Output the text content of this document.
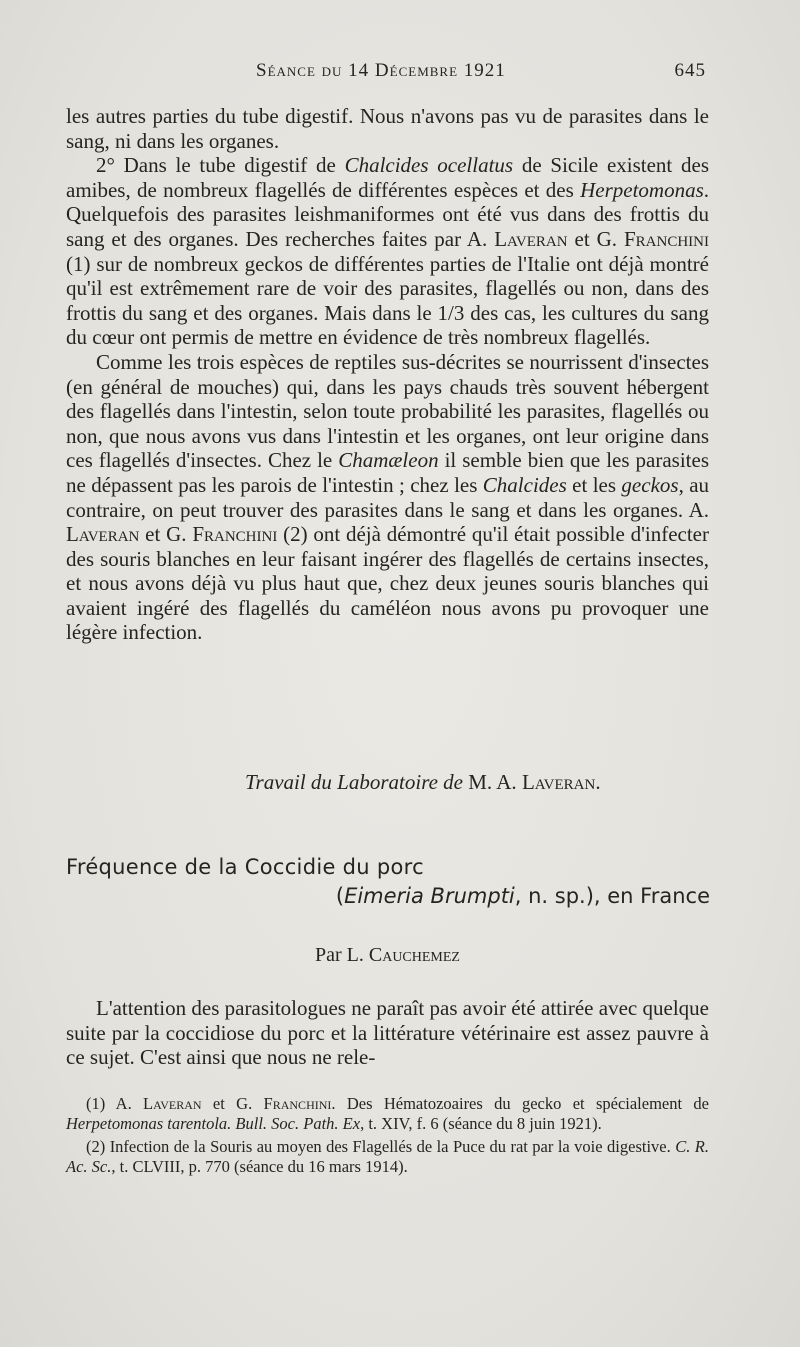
Séance du 14 Décembre 1921	645

les autres parties du tube digestif. Nous n'avons pas vu de parasites dans le sang, ni dans les organes.

2° Dans le tube digestif de Chalcides ocellatus de Sicile existent des amibes, de nombreux flagellés de différentes espèces et des Herpetomonas. Quelquefois des parasites leishmaniformes ont été vus dans des frottis du sang et des organes. Des recherches faites par A. Laveran et G. Franchini (1) sur de nombreux geckos de différentes parties de l'Italie ont déjà montré qu'il est extrêmement rare de voir des parasites, flagellés ou non, dans des frottis du sang et des organes. Mais dans le 1/3 des cas, les cultures du sang du cœur ont permis de mettre en évidence de très nombreux flagellés.

Comme les trois espèces de reptiles sus-décrites se nourrissent d'insectes (en général de mouches) qui, dans les pays chauds très souvent hébergent des flagellés dans l'intestin, selon toute probabilité les parasites, flagellés ou non, que nous avons vus dans l'intestin et les organes, ont leur origine dans ces flagellés d'insectes. Chez le Chamæleon il semble bien que les parasites ne dépassent pas les parois de l'intestin ; chez les Chalcides et les geckos, au contraire, on peut trouver des parasites dans le sang et dans les organes. A. Laveran et G. Franchini (2) ont déjà démontré qu'il était possible d'infecter des souris blanches en leur faisant ingérer des flagellés de certains insectes, et nous avons déjà vu plus haut que, chez deux jeunes souris blanches qui avaient ingéré des flagellés du caméléon nous avons pu provoquer une légère infection.

Travail du Laboratoire de M. A. Laveran.
Fréquence de la Coccidie du porc
(Eimeria Brumpti, n. sp.), en France
Par L. Cauchemez

L'attention des parasitologues ne paraît pas avoir été attirée avec quelque suite par la coccidiose du porc et la littérature vétérinaire est assez pauvre à ce sujet. C'est ainsi que nous ne rele-

(1) A. Laveran et G. Franchini. Des Hématozoaires du gecko et spécialement de Herpetomonas tarentola. Bull. Soc. Path. Ex, t. XIV, f. 6 (séance du 8 juin 1921).

(2) Infection de la Souris au moyen des Flagellés de la Puce du rat par la voie digestive. C. R. Ac. Sc., t. CLVIII, p. 770 (séance du 16 mars 1914).
